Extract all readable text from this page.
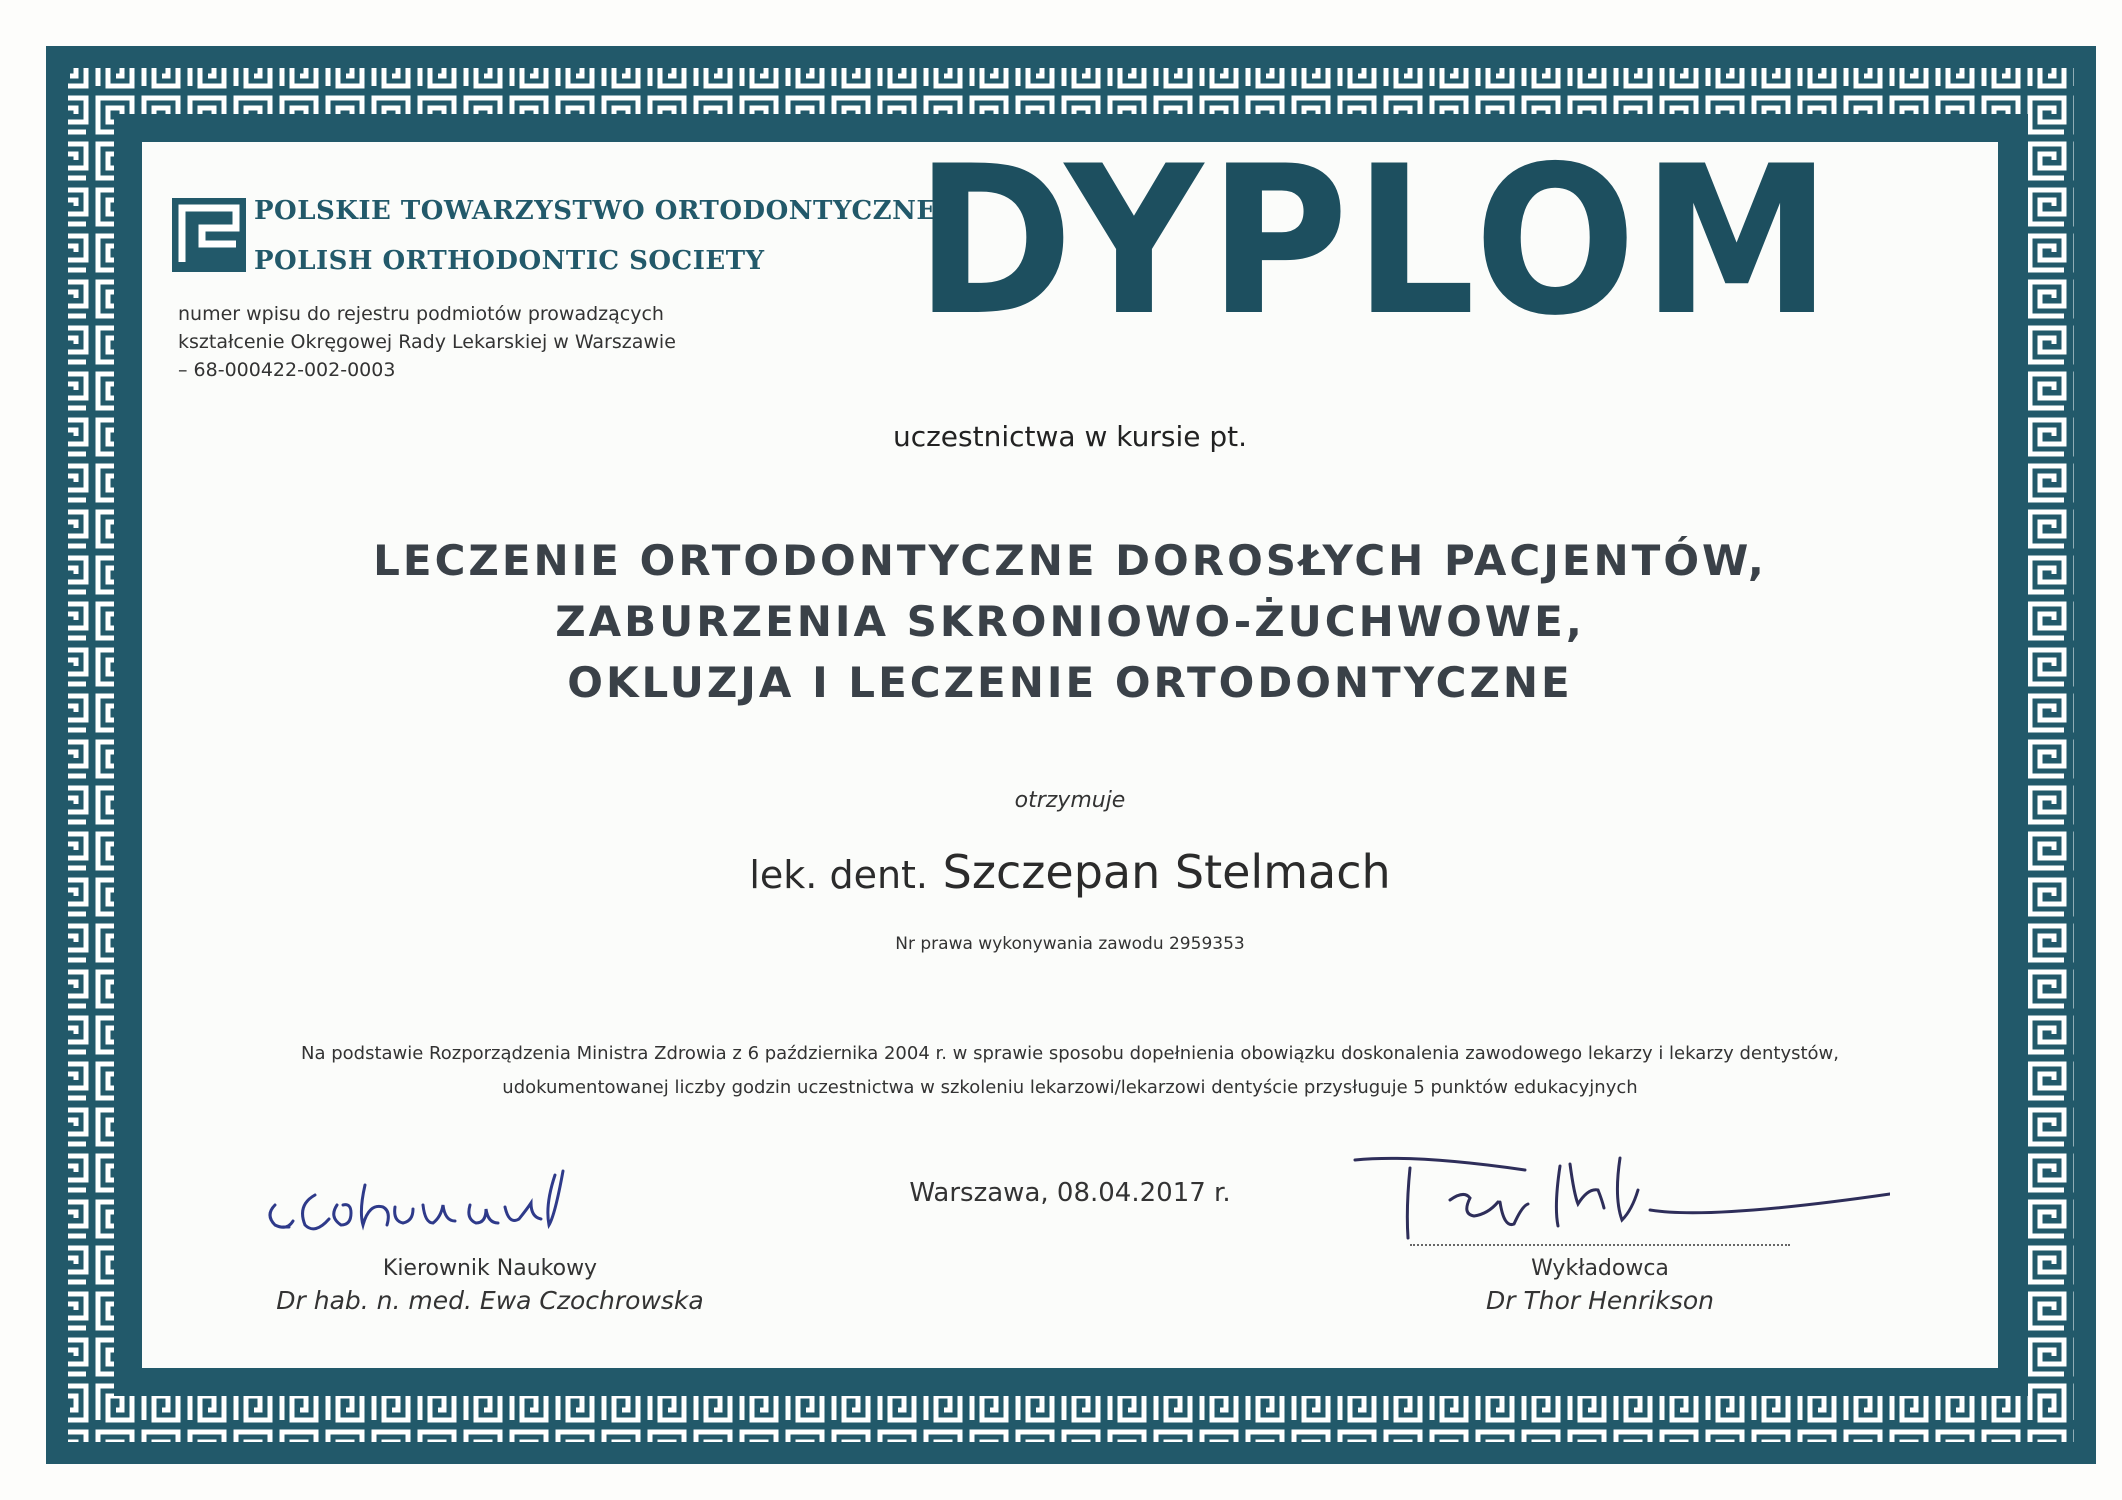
POLSKIE TOWARZYSTWO ORTODONTYCZNE
POLISH ORTHODONTIC SOCIETY
numer wpisu do rejestru podmiotów prowadzących
kształcenie Okręgowej Rady Lekarskiej w Warszawie
– 68-000422-002-0003
DYPLOM
uczestnictwa w kursie pt.
LECZENIE ORTODONTYCZNE DOROSŁYCH PACJENTÓW,
ZABURZENIA SKRONIOWO-ŻUCHWOWE,
OKLUZJA I LECZENIE ORTODONTYCZNE
otrzymuje
lek. dent. Szczepan Stelmach
Nr prawa wykonywania zawodu 2959353
Na podstawie Rozporządzenia Ministra Zdrowia z 6 października 2004 r. w sprawie sposobu dopełnienia obowiązku doskonalenia zawodowego lekarzy i lekarzy dentystów,
udokumentowanej liczby godzin uczestnictwa w szkoleniu lekarzowi/lekarzowi dentyście przysługuje 5 punktów edukacyjnych
Warszawa, 08.04.2017 r.
Kierownik Naukowy
Dr hab. n. med. Ewa Czochrowska
Wykładowca
Dr Thor Henrikson
